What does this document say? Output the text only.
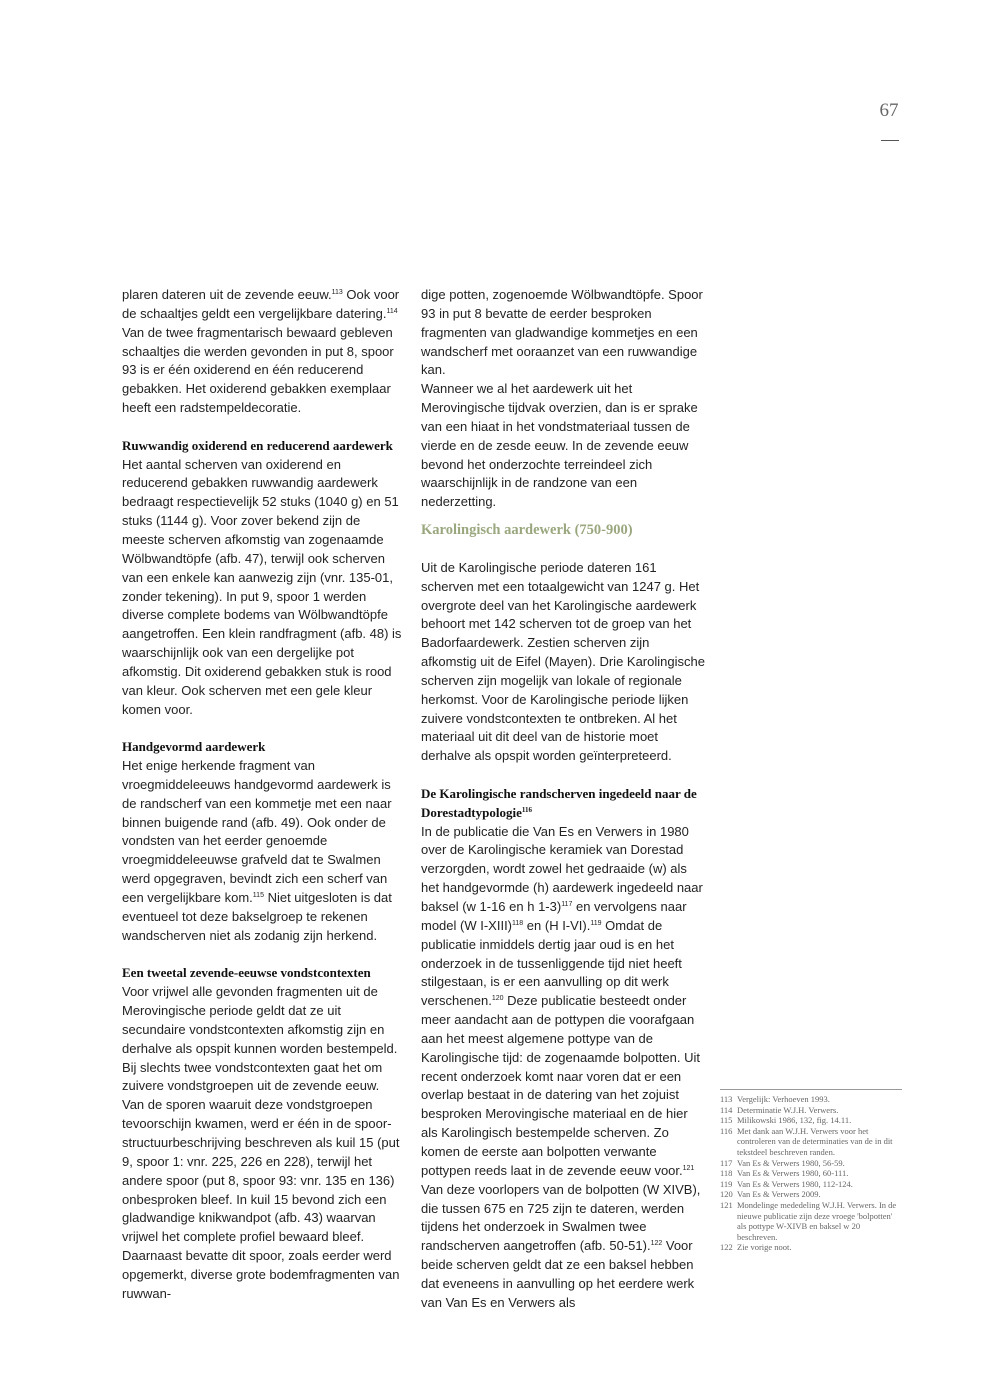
67

plaren dateren uit de zevende eeuw.$^{113}$ Ook voor de schaaltjes geldt een vergelijkbare datering.$^{114}$ Van de twee fragmentarisch bewaard gebleven schaaltjes die werden gevonden in put 8, spoor 93 is er één oxiderend en één reducerend gebakken. Het oxiderend gebakken exemplaar heeft een radstempeldecoratie.

Ruwwandig oxiderend en reducerend aardewerk

Het aantal scherven van oxiderend en reducerend gebakken ruwwandig aardewerk bedraagt respectievelijk 52 stuks (1040 g) en 51 stuks (1144 g). Voor zover bekend zijn de meeste scherven afkomstig van zogenaamde Wölbwandtöpfe (afb. 47), terwijl ook scherven van een enkele kan aanwezig zijn (vnr. 135-01, zonder tekening). In put 9, spoor 1 werden diverse complete bodems van Wölbwandtöpfe aangetroffen. Een klein randfragment (afb. 48) is waarschijnlijk ook van een dergelijke pot afkomstig. Dit oxiderend gebakken stuk is rood van kleur. Ook scherven met een gele kleur komen voor.

Handgevormd aardewerk

Het enige herkende fragment van vroegmiddeleeuws handgevormd aardewerk is de randscherf van een kommetje met een naar binnen buigende rand (afb. 49). Ook onder de vondsten van het eerder genoemde vroegmiddeleeuwse grafveld dat te Swalmen werd opgegraven, bevindt zich een scherf van een vergelijkbare kom.$^{115}$ Niet uitgesloten is dat eventueel tot deze bakselgroep te rekenen wandscherven niet als zodanig zijn herkend.

Een tweetal zevende-eeuwse vondstcontexten

Voor vrijwel alle gevonden fragmenten uit de Merovingische periode geldt dat ze uit secundaire vondstcontexten afkomstig zijn en derhalve als opspit kunnen worden bestempeld. Bij slechts twee vondstcontexten gaat het om zuivere vondstgroepen uit de zevende eeuw. Van de sporen waaruit deze vondstgroepen tevoorschijn kwamen, werd er één in de spoor-structuurbeschrijving beschreven als kuil 15 (put 9, spoor 1: vnr. 225, 226 en 228), terwijl het andere spoor (put 8, spoor 93: vnr. 135 en 136) onbesproken bleef. In kuil 15 bevond zich een gladwandige knikwandpot (afb. 43) waarvan vrijwel het complete profiel bewaard bleef. Daarnaast bevatte dit spoor, zoals eerder werd opgemerkt, diverse grote bodemfragmenten van ruwwan-

dige potten, zogenoemde Wölbwandtöpfe. Spoor 93 in put 8 bevatte de eerder besproken fragmenten van gladwandige kommetjes en een wandscherf met ooraanzet van een ruwwandige kan.

Wanneer we al het aardewerk uit het Merovingische tijdvak overzien, dan is er sprake van een hiaat in het vondstmateriaal tussen de vierde en de zesde eeuw. In de zevende eeuw bevond het onderzochte terreindeel zich waarschijnlijk in de randzone van een nederzetting.

Karolingisch aardewerk (750-900)

Uit de Karolingische periode dateren 161 scherven met een totaalgewicht van 1247 g. Het overgrote deel van het Karolingische aardewerk behoort met 142 scherven tot de groep van het Badorfaardewerk. Zestien scherven zijn afkomstig uit de Eifel (Mayen). Drie Karolingische scherven zijn mogelijk van lokale of regionale herkomst. Voor de Karolingische periode lijken zuivere vondstcontexten te ontbreken. Al het materiaal uit dit deel van de historie moet derhalve als opspit worden geïnterpreteerd.

De Karolingische randscherven ingedeeld naar de Dorestadtypologie$^{116}$

In de publicatie die Van Es en Verwers in 1980 over de Karolingische keramiek van Dorestad verzorgden, wordt zowel het gedraaide (w) als het handgevormde (h) aardewerk ingedeeld naar baksel (w 1-16 en h 1-3)$^{117}$ en vervolgens naar model (W I-XIII)$^{118}$ en (H I-VI).$^{119}$ Omdat de publicatie inmiddels dertig jaar oud is en het onderzoek in de tussenliggende tijd niet heeft stilgestaan, is er een aanvulling op dit werk verschenen.$^{120}$ Deze publicatie besteedt onder meer aandacht aan de pottypen die voorafgaan aan het meest algemene pottype van de Karolingische tijd: de zogenaamde bolpotten. Uit recent onderzoek komt naar voren dat er een overlap bestaat in de datering van het zojuist besproken Merovingische materiaal en de hier als Karolingisch bestempelde scherven. Zo komen de eerste aan bolpotten verwante pottypen reeds laat in de zevende eeuw voor.$^{121}$ Van deze voorlopers van de bolpotten (W XIVB), die tussen 675 en 725 zijn te dateren, werden tijdens het onderzoek in Swalmen twee randscherven aangetroffen (afb. 50-51).$^{122}$ Voor beide scherven geldt dat ze een baksel hebben dat eveneens in aanvulling op het eerdere werk van Van Es en Verwers als

113 Vergelijk: Verhoeven 1993.
114 Determinatie W.J.H. Verwers.
115 Milikowski 1986, 132, fig. 14.11.
116 Met dank aan W.J.H. Verwers voor het controleren van de determinaties van de in dit tekstdeel beschreven randen.
117 Van Es & Verwers 1980, 56-59.
118 Van Es & Verwers 1980, 60-111.
119 Van Es & Verwers 1980, 112-124.
120 Van Es & Verwers 2009.
121 Mondelinge mededeling W.J.H. Verwers. In de nieuwe publicatie zijn deze vroege 'bolpotten' als pottype W-XIVB en baksel w 20 beschreven.
122 Zie vorige noot.
